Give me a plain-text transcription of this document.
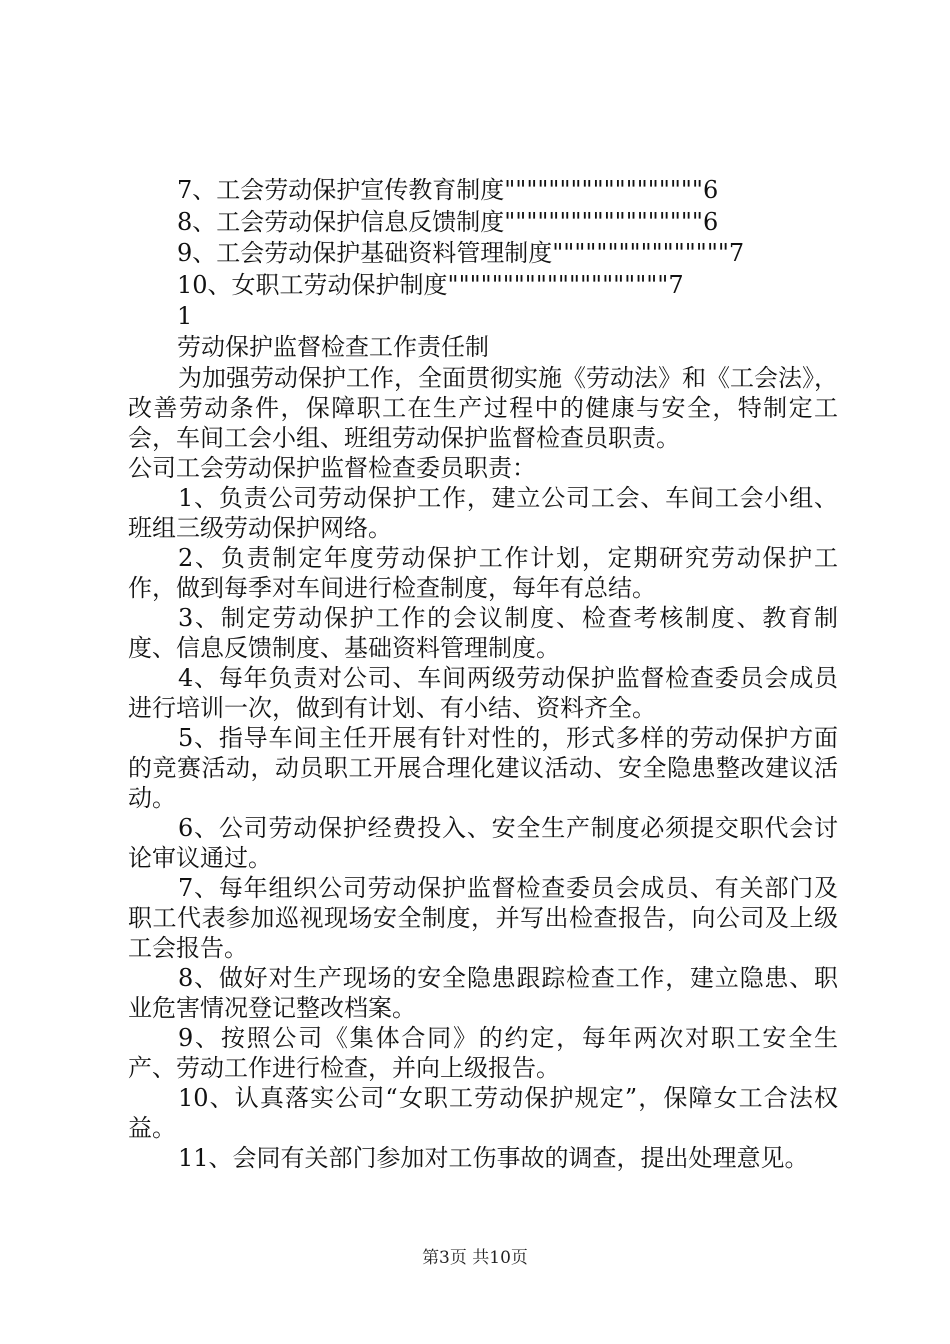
7、工会劳动保护宣传教育制度""""""""""""""""""6
8、工会劳动保护信息反馈制度""""""""""""""""""6
9、工会劳动保护基础资料管理制度""""""""""""""""7
10、女职工劳动保护制度""""""""""""""""""""7
1
劳动保护监督检查工作责任制

为加强劳动保护工作，全面贯彻实施《劳动法》和《工会法》，改善劳动条件，保障职工在生产过程中的健康与安全，特制定工会，车间工会小组、班组劳动保护监督检查员职责。

公司工会劳动保护监督检查委员职责：

1、负责公司劳动保护工作，建立公司工会、车间工会小组、班组三级劳动保护网络。

2、负责制定年度劳动保护工作计划，定期研究劳动保护工作，做到每季对车间进行检查制度，每年有总结。

3、制定劳动保护工作的会议制度、检查考核制度、教育制度、信息反馈制度、基础资料管理制度。

4、每年负责对公司、车间两级劳动保护监督检查委员会成员进行培训一次，做到有计划、有小结、资料齐全。

5、指导车间主任开展有针对性的，形式多样的劳动保护方面的竞赛活动，动员职工开展合理化建议活动、安全隐患整改建议活动。

6、公司劳动保护经费投入、安全生产制度必须提交职代会讨论审议通过。

7、每年组织公司劳动保护监督检查委员会成员、有关部门及职工代表参加巡视现场安全制度，并写出检查报告，向公司及上级工会报告。

8、做好对生产现场的安全隐患跟踪检查工作，建立隐患、职业危害情况登记整改档案。

9、按照公司《集体合同》的约定，每年两次对职工安全生产、劳动工作进行检查，并向上级报告。

10、认真落实公司“女职工劳动保护规定”，保障女工合法权益。

11、会同有关部门参加对工伤事故的调查，提出处理意见。

第3页 共10页
